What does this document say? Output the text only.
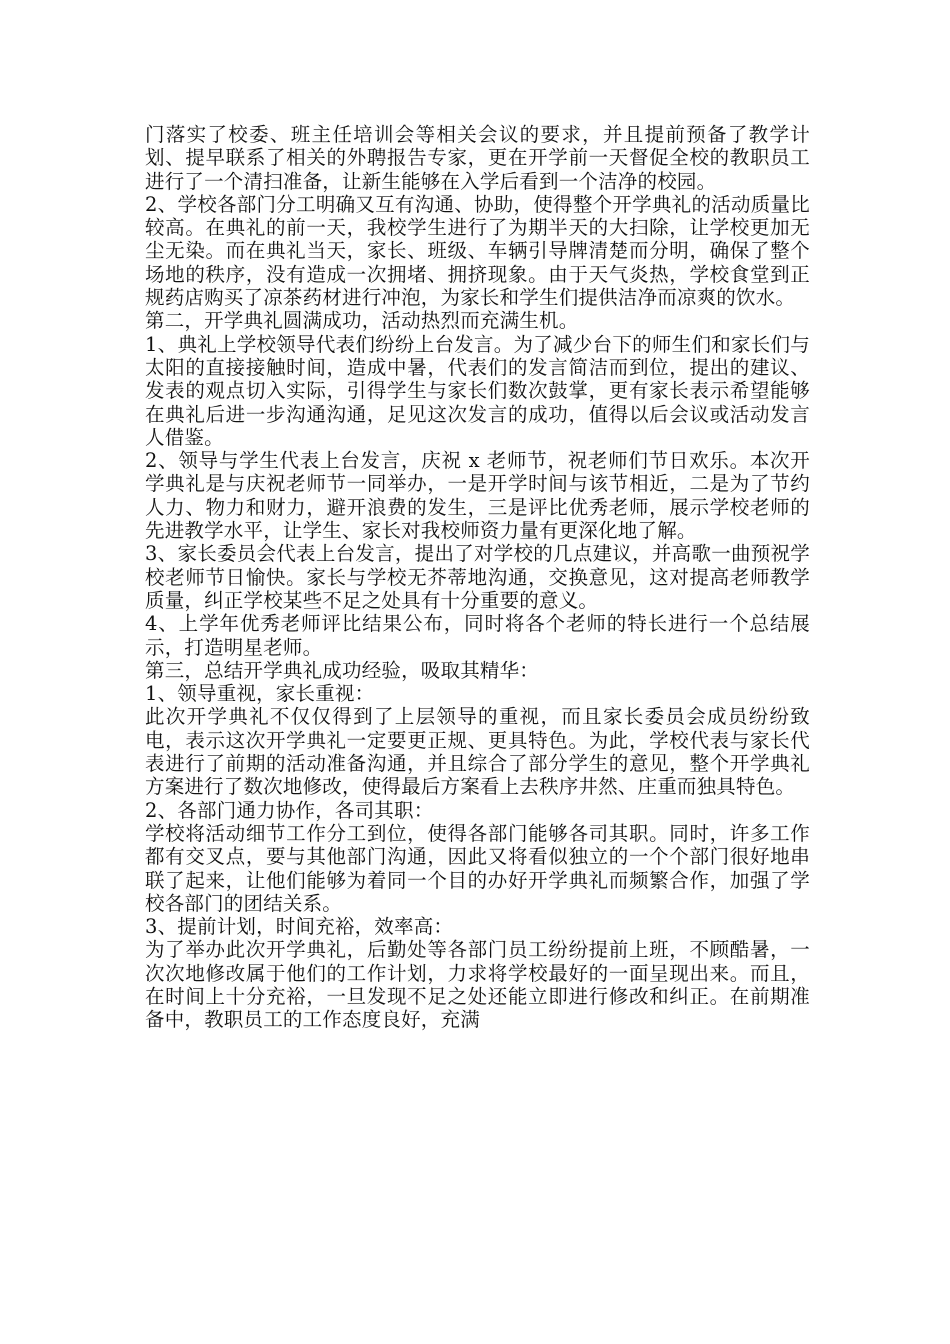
门落实了校委、班主任培训会等相关会议的要求，并且提前预备了教学计划、提早联系了相关的外聘报告专家，更在开学前一天督促全校的教职员工进行了一个清扫准备，让新生能够在入学后看到一个洁净的校园。

2、学校各部门分工明确又互有沟通、协助，使得整个开学典礼的活动质量比较高。在典礼的前一天，我校学生进行了为期半天的大扫除，让学校更加无尘无染。而在典礼当天，家长、班级、车辆引导牌清楚而分明，确保了整个场地的秩序，没有造成一次拥堵、拥挤现象。由于天气炎热，学校食堂到正规药店购买了凉茶药材进行冲泡，为家长和学生们提供洁净而凉爽的饮水。

第二，开学典礼圆满成功，活动热烈而充满生机。

1、典礼上学校领导代表们纷纷上台发言。为了减少台下的师生们和家长们与太阳的直接接触时间，造成中暑，代表们的发言简洁而到位，提出的建议、发表的观点切入实际，引得学生与家长们数次鼓掌，更有家长表示希望能够在典礼后进一步沟通沟通，足见这次发言的成功，值得以后会议或活动发言人借鉴。

2、领导与学生代表上台发言，庆祝 x 老师节，祝老师们节日欢乐。本次开学典礼是与庆祝老师节一同举办，一是开学时间与该节相近，二是为了节约人力、物力和财力，避开浪费的发生，三是评比优秀老师，展示学校老师的先进教学水平，让学生、家长对我校师资力量有更深化地了解。

3、家长委员会代表上台发言，提出了对学校的几点建议，并高歌一曲预祝学校老师节日愉快。家长与学校无芥蒂地沟通，交换意见，这对提高老师教学质量，纠正学校某些不足之处具有十分重要的意义。

4、上学年优秀老师评比结果公布，同时将各个老师的特长进行一个总结展示，打造明星老师。

第三，总结开学典礼成功经验，吸取其精华：

1、领导重视，家长重视：

此次开学典礼不仅仅得到了上层领导的重视，而且家长委员会成员纷纷致电，表示这次开学典礼一定要更正规、更具特色。为此，学校代表与家长代表进行了前期的活动准备沟通，并且综合了部分学生的意见，整个开学典礼方案进行了数次地修改，使得最后方案看上去秩序井然、庄重而独具特色。

2、各部门通力协作，各司其职：

学校将活动细节工作分工到位，使得各部门能够各司其职。同时，许多工作都有交叉点，要与其他部门沟通，因此又将看似独立的一个个部门很好地串联了起来，让他们能够为着同一个目的办好开学典礼而频繁合作，加强了学校各部门的团结关系。

3、提前计划，时间充裕，效率高：

为了举办此次开学典礼，后勤处等各部门员工纷纷提前上班，不顾酷暑，一次次地修改属于他们的工作计划，力求将学校最好的一面呈现出来。而且，在时间上十分充裕，一旦发现不足之处还能立即进行修改和纠正。在前期准备中，教职员工的工作态度良好，充满
